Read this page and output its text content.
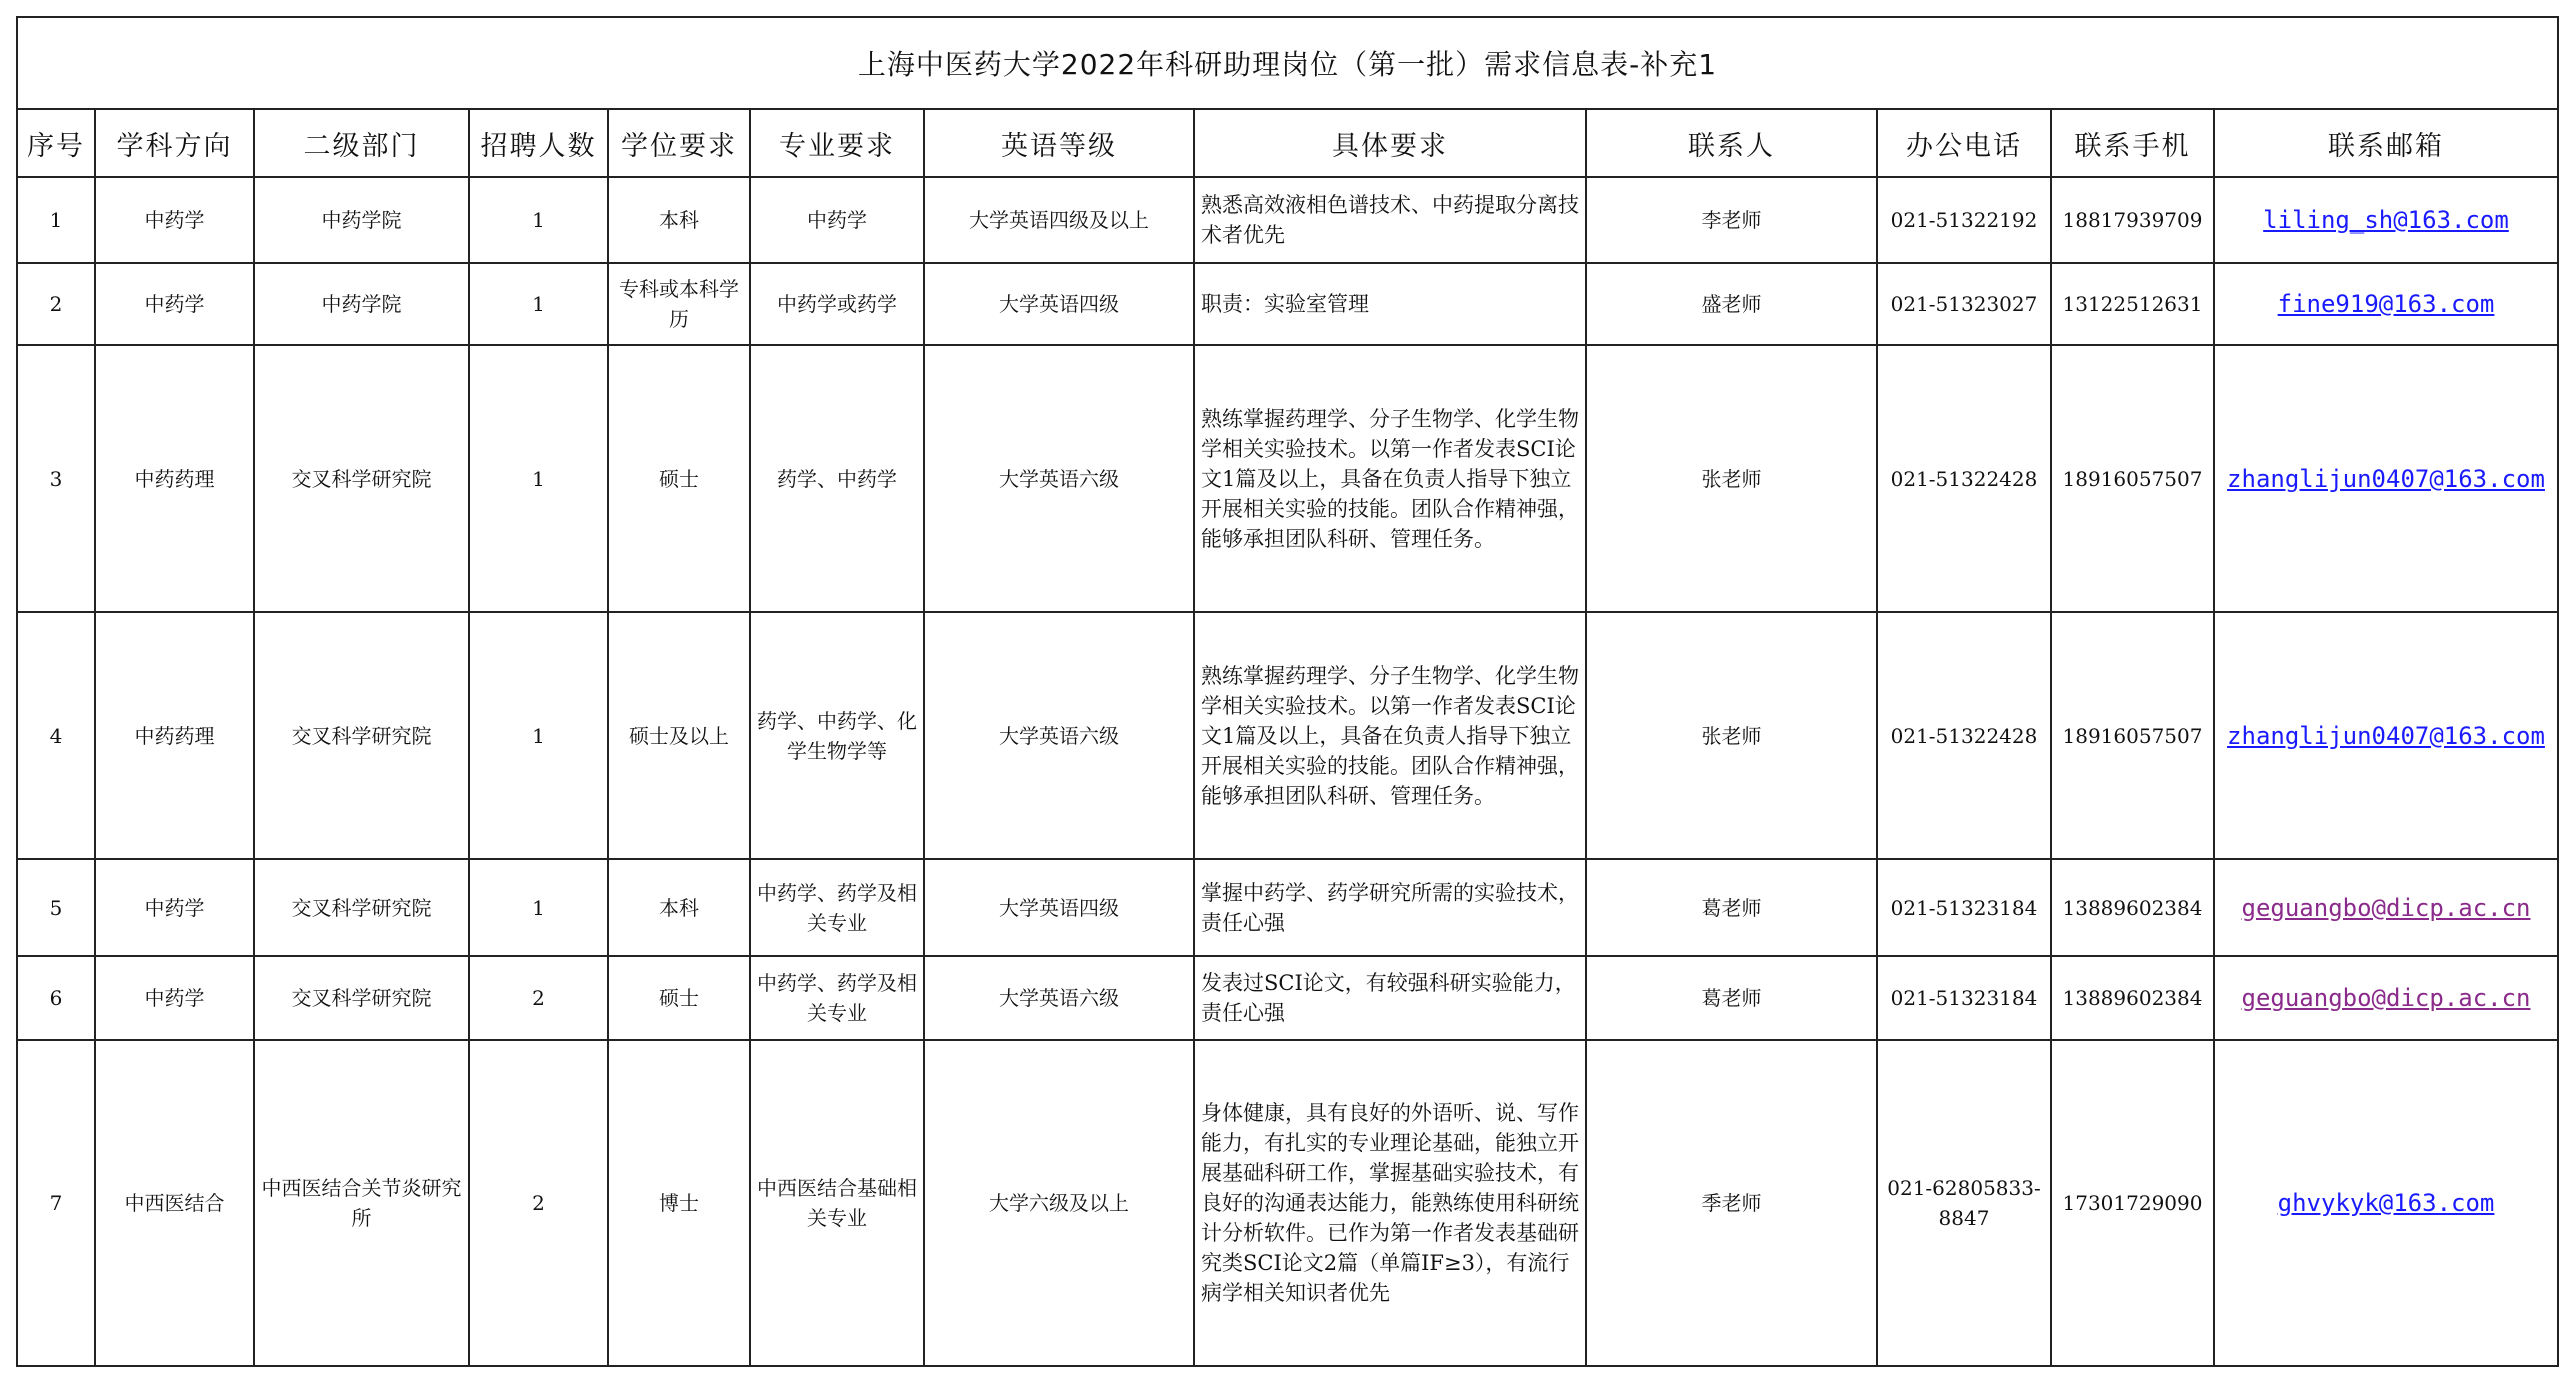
上海中医药大学2022年科研助理岗位（第一批）需求信息表-补充1											
序号	学科方向	二级部门	招聘人数	学位要求	专业要求	英语等级	具体要求	联系人	办公电话	联系手机	联系邮箱
1	中药学	中药学院	1	本科	中药学	大学英语四级及以上	熟悉高效液相色谱技术、中药提取分离技术者优先	李老师	021-51322192	18817939709	liling_sh@163.com
2	中药学	中药学院	1	专科或本科学历	中药学或药学	大学英语四级	职责：实验室管理	盛老师	021-51323027	13122512631	fine919@163.com
3	中药药理	交叉科学研究院	1	硕士	药学、中药学	大学英语六级	熟练掌握药理学、分子生物学、化学生物学相关实验技术。以第一作者发表SCI论文1篇及以上，具备在负责人指导下独立开展相关实验的技能。团队合作精神强，能够承担团队科研、管理任务。	张老师	021-51322428	18916057507	zhanglijun0407@163.com
4	中药药理	交叉科学研究院	1	硕士及以上	药学、中药学、化学生物学等	大学英语六级	熟练掌握药理学、分子生物学、化学生物学相关实验技术。以第一作者发表SCI论文1篇及以上，具备在负责人指导下独立开展相关实验的技能。团队合作精神强，能够承担团队科研、管理任务。	张老师	021-51322428	18916057507	zhanglijun0407@163.com
5	中药学	交叉科学研究院	1	本科	中药学、药学及相关专业	大学英语四级	掌握中药学、药学研究所需的实验技术，责任心强	葛老师	021-51323184	13889602384	geguangbo@dicp.ac.cn
6	中药学	交叉科学研究院	2	硕士	中药学、药学及相关专业	大学英语六级	发表过SCI论文，有较强科研实验能力，责任心强	葛老师	021-51323184	13889602384	geguangbo@dicp.ac.cn
7	中西医结合	中西医结合关节炎研究所	2	博士	中西医结合基础相关专业	大学六级及以上	身体健康，具有良好的外语听、说、写作能力，有扎实的专业理论基础，能独立开展基础科研工作，掌握基础实验技术，有良好的沟通表达能力，能熟练使用科研统计分析软件。已作为第一作者发表基础研究类SCI论文2篇（单篇IF≥3），有流行病学相关知识者优先	季老师	021-62805833-8847	17301729090	ghvykyk@163.com
